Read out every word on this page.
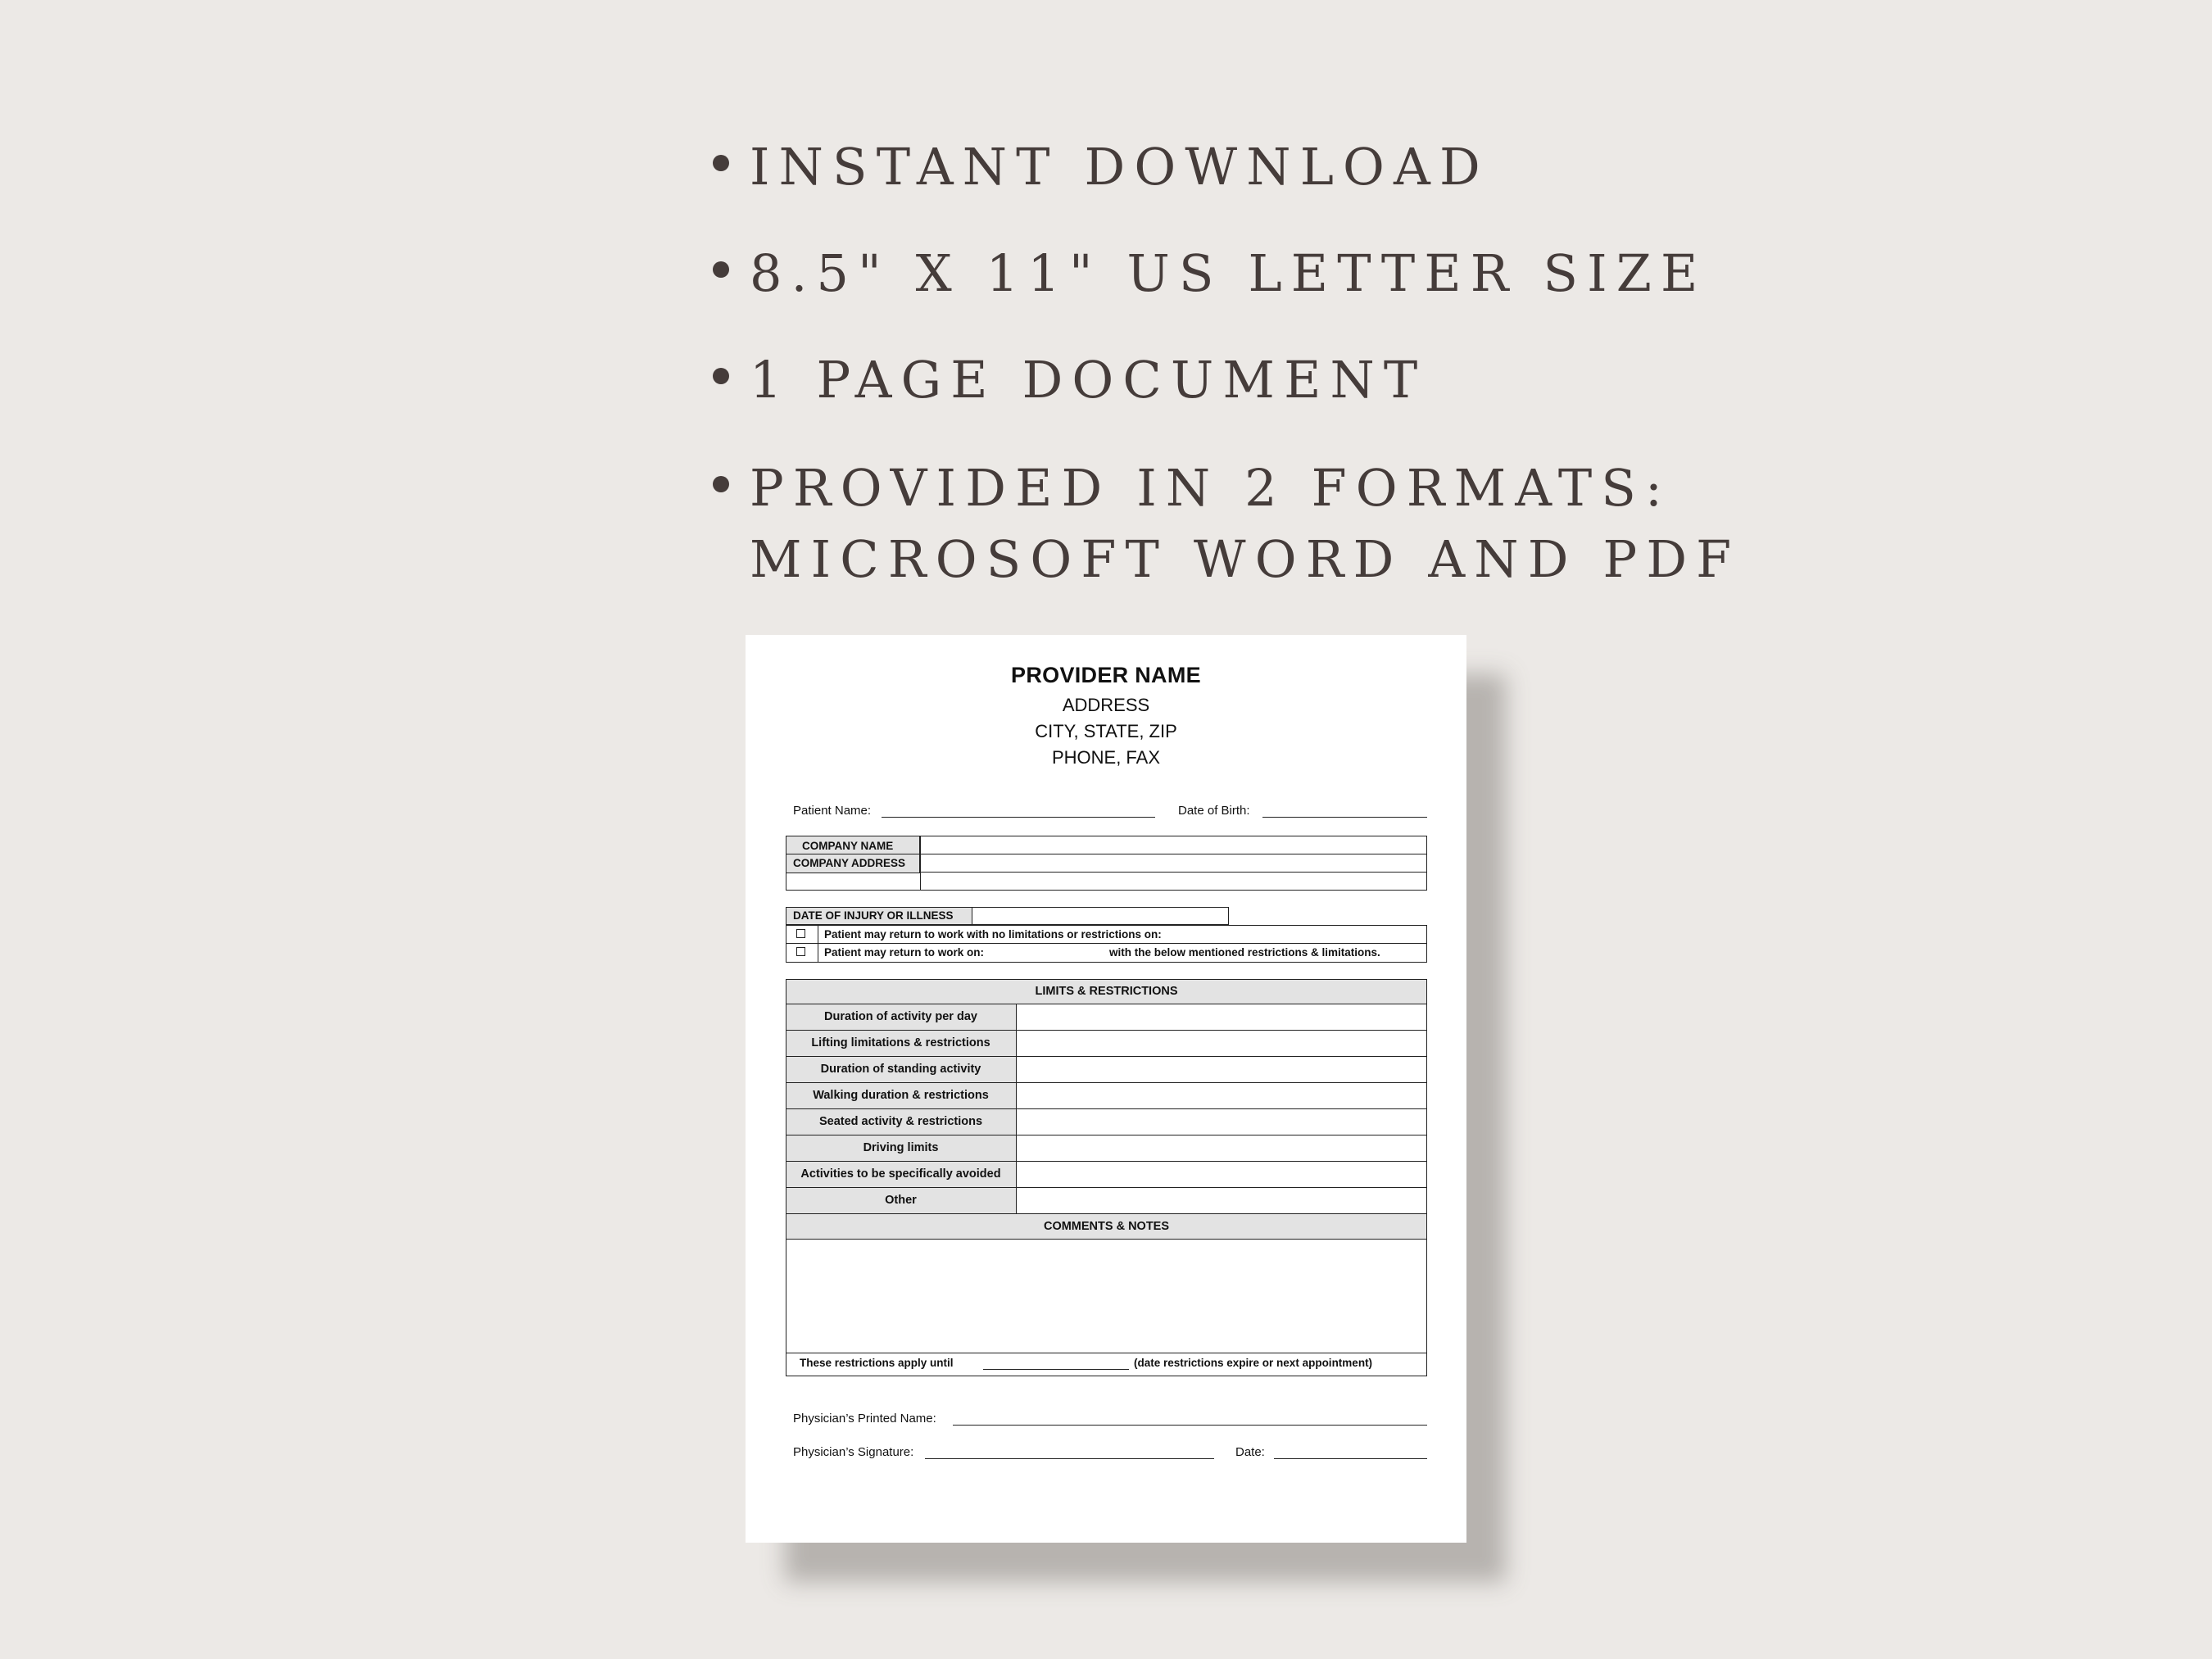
INSTANT DOWNLOAD
8.5" X 11" US LETTER SIZE
1 PAGE DOCUMENT
PROVIDED IN 2 FORMATS:
MICROSOFT WORD AND PDF
PROVIDER NAME
ADDRESS
CITY, STATE, ZIP
PHONE, FAX
Patient Name:	Date of Birth:
COMPANY NAME
COMPANY ADDRESS
DATE OF INJURY OR ILLNESS
Patient may return to work with no limitations or restrictions on:
Patient may return to work on:	with the below mentioned restrictions & limitations.
LIMITS & RESTRICTIONS
Duration of activity per day
Lifting limitations & restrictions
Duration of standing activity
Walking duration & restrictions
Seated activity & restrictions
Driving limits
Activities to be specifically avoided
Other
COMMENTS & NOTES
These restrictions apply until	(date restrictions expire or next appointment)
Physician’s Printed Name:
Physician’s Signature:	Date:
